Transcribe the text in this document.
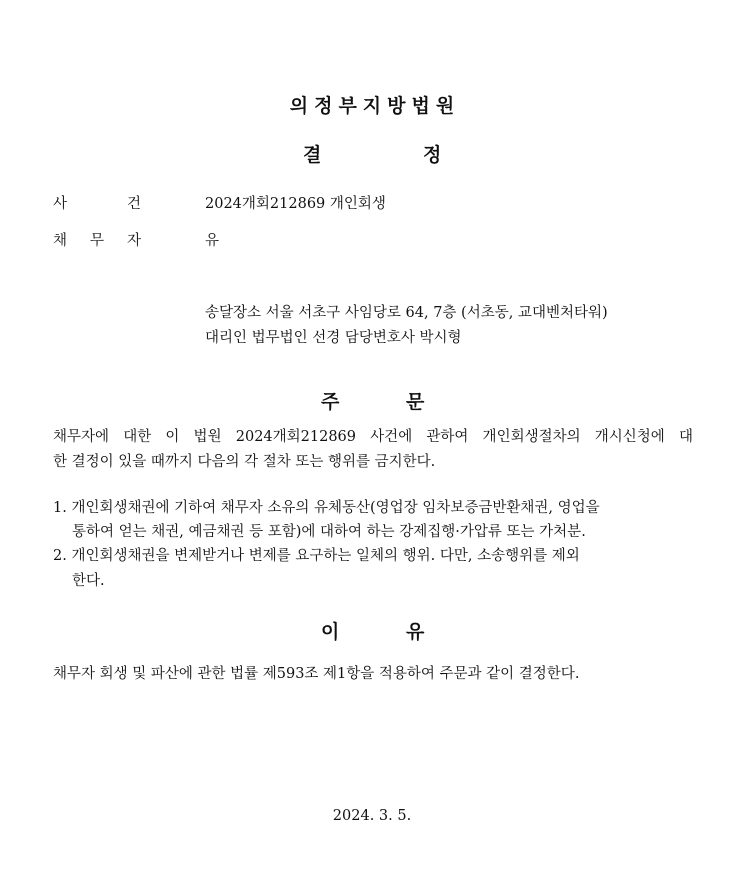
의정부지방법원
결	정
사	건	2024개회212869 개인회생
채 무 자	유
송달장소 서울 서초구 사임당로 64, 7층 (서초동, 교대벤처타워)
대리인 법무법인 선경 담당변호사 박시형
주	문
채무자에 대한 이 법원 2024개회212869 사건에 관하여 개인회생절차의 개시신청에 대
한 결정이 있을 때까지 다음의 각 절차 또는 행위를 금지한다.
1. 개인회생채권에 기하여 채무자 소유의 유체동산(영업장 임차보증금반환채권, 영업을
통하여 얻는 채권, 예금채권 등 포함)에 대하여 하는 강제집행·가압류 또는 가처분.
2. 개인회생채권을 변제받거나 변제를 요구하는 일체의 행위. 다만, 소송행위를 제외
한다.
이	유
채무자 회생 및 파산에 관한 법률 제593조 제1항을 적용하여 주문과 같이 결정한다.
2024. 3. 5.
